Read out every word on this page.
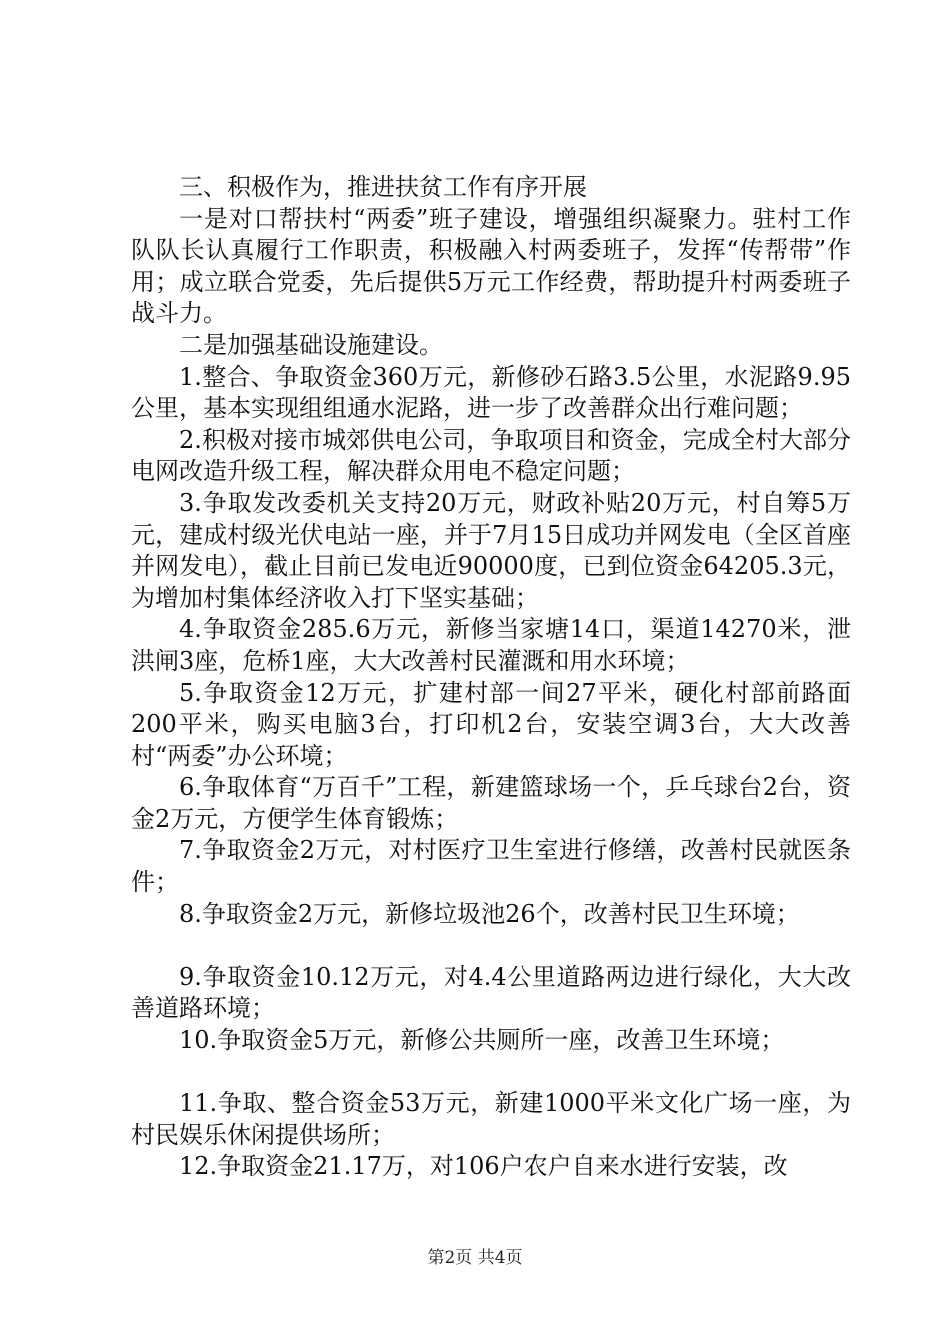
三、积极作为，推进扶贫工作有序开展

一是对口帮扶村“两委”班子建设，增强组织凝聚力。驻村工作队队长认真履行工作职责，积极融入村两委班子，发挥“传帮带”作用；成立联合党委，先后提供5万元工作经费，帮助提升村两委班子战斗力。

二是加强基础设施建设。

1.整合、争取资金360万元，新修砂石路3.5公里，水泥路9.95公里，基本实现组组通水泥路，进一步了改善群众出行难问题；

2.积极对接市城郊供电公司，争取项目和资金，完成全村大部分电网改造升级工程，解决群众用电不稳定问题；

3.争取发改委机关支持20万元，财政补贴20万元，村自筹5万元，建成村级光伏电站一座，并于7月15日成功并网发电（全区首座并网发电），截止目前已发电近90000度，已到位资金64205.3元，为增加村集体经济收入打下坚实基础；

4.争取资金285.6万元，新修当家塘14口，渠道14270米，泄洪闸3座，危桥1座，大大改善村民灌溉和用水环境；

5.争取资金12万元，扩建村部一间27平米，硬化村部前路面200平米，购买电脑3台，打印机2台，安装空调3台，大大改善村“两委”办公环境；

6.争取体育“万百千”工程，新建篮球场一个，乒乓球台2台，资金2万元，方便学生体育锻炼；

7.争取资金2万元，对村医疗卫生室进行修缮，改善村民就医条件；

8.争取资金2万元，新修垃圾池26个，改善村民卫生环境；

9.争取资金10.12万元，对4.4公里道路两边进行绿化，大大改善道路环境；

10.争取资金5万元，新修公共厕所一座，改善卫生环境；

11.争取、整合资金53万元，新建1000平米文化广场一座，为村民娱乐休闲提供场所；

12.争取资金21.17万，对106户农户自来水进行安装，改

第2页 共4页
